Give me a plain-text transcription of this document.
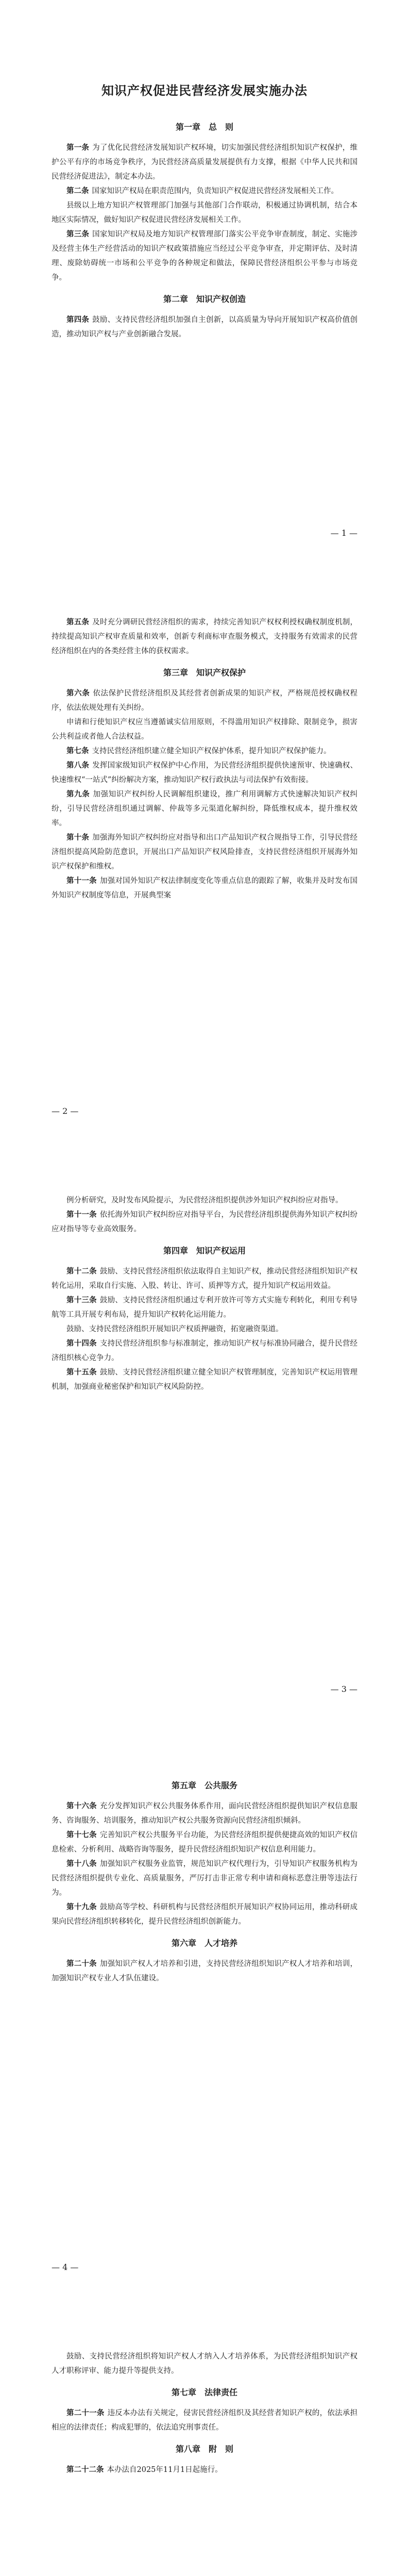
知识产权促进民营经济发展实施办法
第一章　总　则

第一条 为了优化民营经济发展知识产权环境，切实加强民营经济组织知识产权保护，维护公平有序的市场竞争秩序，为民营经济高质量发展提供有力支撑，根据《中华人民共和国民营经济促进法》，制定本办法。

第二条 国家知识产权局在职责范围内，负责知识产权促进民营经济发展相关工作。

县级以上地方知识产权管理部门加强与其他部门合作联动，积极通过协调机制，结合本地区实际情况，做好知识产权促进民营经济发展相关工作。

第三条 国家知识产权局及地方知识产权管理部门落实公平竞争审查制度，制定、实施涉及经营主体生产经营活动的知识产权政策措施应当经过公平竞争审查，并定期评估、及时清理、废除妨碍统一市场和公平竞争的各种规定和做法，保障民营经济组织公平参与市场竞争。

第二章　知识产权创造

第四条 鼓励、支持民营经济组织加强自主创新，以高质量为导向开展知识产权高价值创造，推动知识产权与产业创新融合发展。

— 1 —

第五条 及时充分调研民营经济组织的需求，持续完善知识产权权利授权确权制度机制，持续提高知识产权审查质量和效率，创新专利商标审查服务模式，支持服务有效需求的民营经济组织在内的各类经营主体的获权需求。

第三章　知识产权保护

第六条 依法保护民营经济组织及其经营者创新成果的知识产权，严格规范授权确权程序，依法依规处理有关纠纷。

申请和行使知识产权应当遵循诚实信用原则，不得滥用知识产权排除、限制竞争，损害公共利益或者他人合法权益。

第七条 支持民营经济组织建立健全知识产权保护体系，提升知识产权保护能力。

第八条 发挥国家级知识产权保护中心作用，为民营经济组织提供快速预审、快速确权、快速维权“一站式”纠纷解决方案，推动知识产权行政执法与司法保护有效衔接。

第九条 加强知识产权纠纷人民调解组织建设，推广利用调解方式快速解决知识产权纠纷，引导民营经济组织通过调解、仲裁等多元渠道化解纠纷，降低维权成本，提升维权效率。

第十条 加强海外知识产权纠纷应对指导和出口产品知识产权合规指导工作，引导民营经济组织提高风险防范意识，开展出口产品知识产权风险排查，支持民营经济组织开展海外知识产权保护和维权。

第十一条 加强对国外知识产权法律制度变化等重点信息的跟踪了解，收集并及时发布国外知识产权制度等信息，开展典型案

— 2 —

例分析研究，及时发布风险提示，为民营经济组织提供涉外知识产权纠纷应对指导。

第十一条 依托海外知识产权纠纷应对指导平台，为民营经济组织提供海外知识产权纠纷应对指导等专业高效服务。

第四章　知识产权运用

第十二条 鼓励、支持民营经济组织依法取得自主知识产权，推动民营经济组织知识产权转化运用，采取自行实施、入股、转让、许可、质押等方式，提升知识产权运用效益。

第十三条 鼓励、支持民营经济组织通过专利开放许可等方式实施专利转化，利用专利导航等工具开展专利布局，提升知识产权转化运用能力。

鼓励、支持民营经济组织开展知识产权质押融资，拓宽融资渠道。

第十四条 支持民营经济组织参与标准制定，推动知识产权与标准协同融合，提升民营经济组织核心竞争力。

第十五条 鼓励、支持民营经济组织建立健全知识产权管理制度，完善知识产权运用管理机制，加强商业秘密保护和知识产权风险防控。

— 3 —
第五章　公共服务

第十六条 充分发挥知识产权公共服务体系作用，面向民营经济组织提供知识产权信息服务、咨询服务、培训服务，推动知识产权公共服务资源向民营经济组织倾斜。

第十七条 完善知识产权公共服务平台功能，为民营经济组织提供便捷高效的知识产权信息检索、分析利用、战略咨询等服务，提升民营经济组织知识产权信息利用能力。

第十八条 加强知识产权服务业监管，规范知识产权代理行为，引导知识产权服务机构为民营经济组织提供专业化、高质量服务，严厉打击非正常专利申请和商标恶意注册等违法行为。

第十九条 鼓励高等学校、科研机构与民营经济组织开展知识产权协同运用，推动科研成果向民营经济组织转移转化，提升民营经济组织创新能力。

第六章　人才培养

第二十条 加强知识产权人才培养和引进，支持民营经济组织知识产权人才培养和培训，加强知识产权专业人才队伍建设。

— 4 —

鼓励、支持民营经济组织将知识产权人才纳入人才培养体系，为民营经济组织知识产权人才职称评审、能力提升等提供支持。

第七章　法律责任

第二十一条 违反本办法有关规定，侵害民营经济组织及其经营者知识产权的，依法承担相应的法律责任；构成犯罪的，依法追究刑事责任。

第八章　附　则

第二十二条 本办法自2025年11月1日起施行。
